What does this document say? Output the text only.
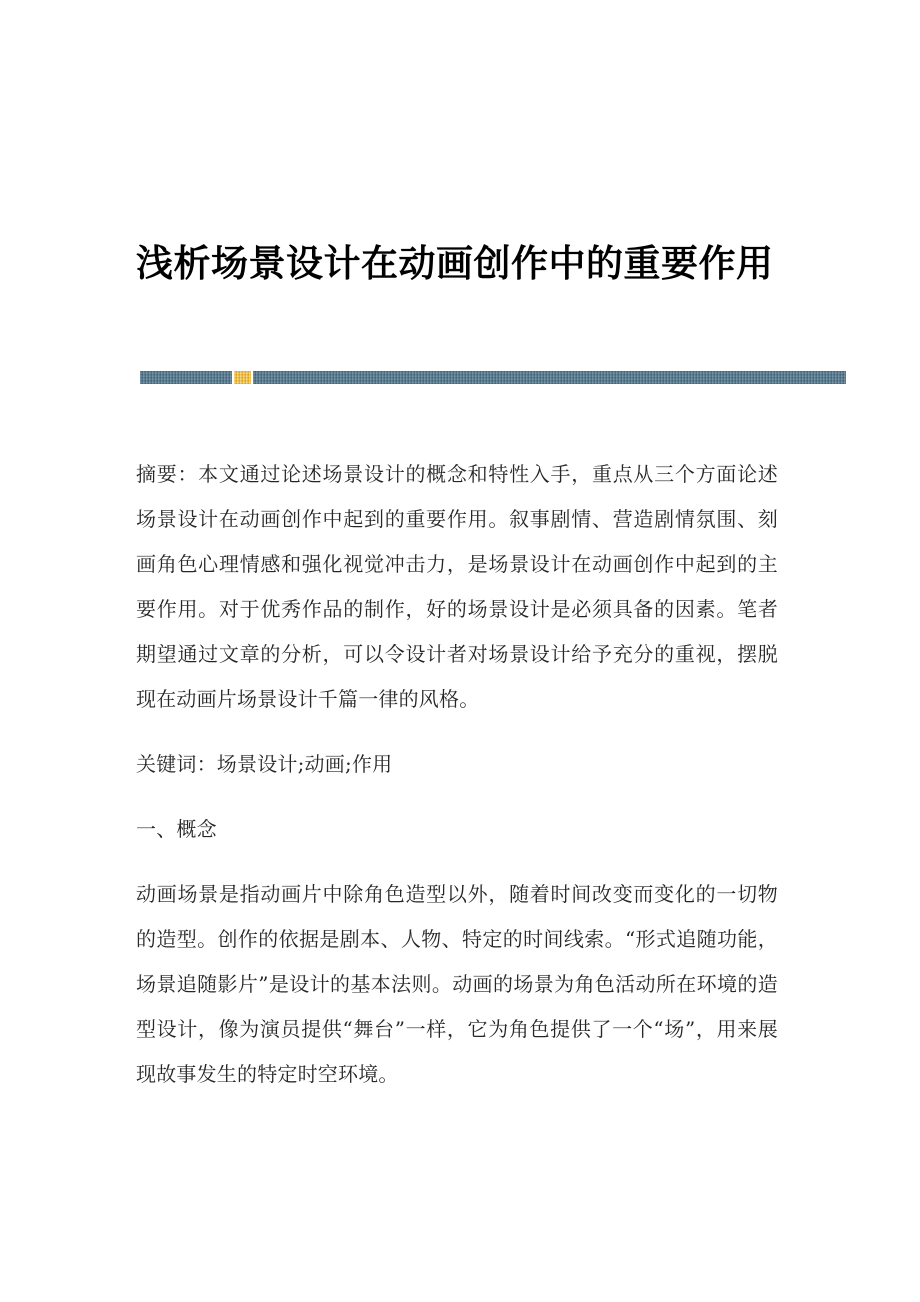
浅析场景设计在动画创作中的重要作用

摘要：本文通过论述场景设计的概念和特性入手，重点从三个方面论述场景设计在动画创作中起到的重要作用。叙事剧情、营造剧情氛围、刻画角色心理情感和强化视觉冲击力，是场景设计在动画创作中起到的主要作用。对于优秀作品的制作，好的场景设计是必须具备的因素。笔者期望通过文章的分析，可以令设计者对场景设计给予充分的重视，摆脱现在动画片场景设计千篇一律的风格。

关键词：场景设计;动画;作用

一、概念

动画场景是指动画片中除角色造型以外，随着时间改变而变化的一切物的造型。创作的依据是剧本、人物、特定的时间线索。“形式追随功能，场景追随影片”是设计的基本法则。动画的场景为角色活动所在环境的造型设计，像为演员提供“舞台”一样，它为角色提供了一个“场”，用来展现故事发生的特定时空环境。
